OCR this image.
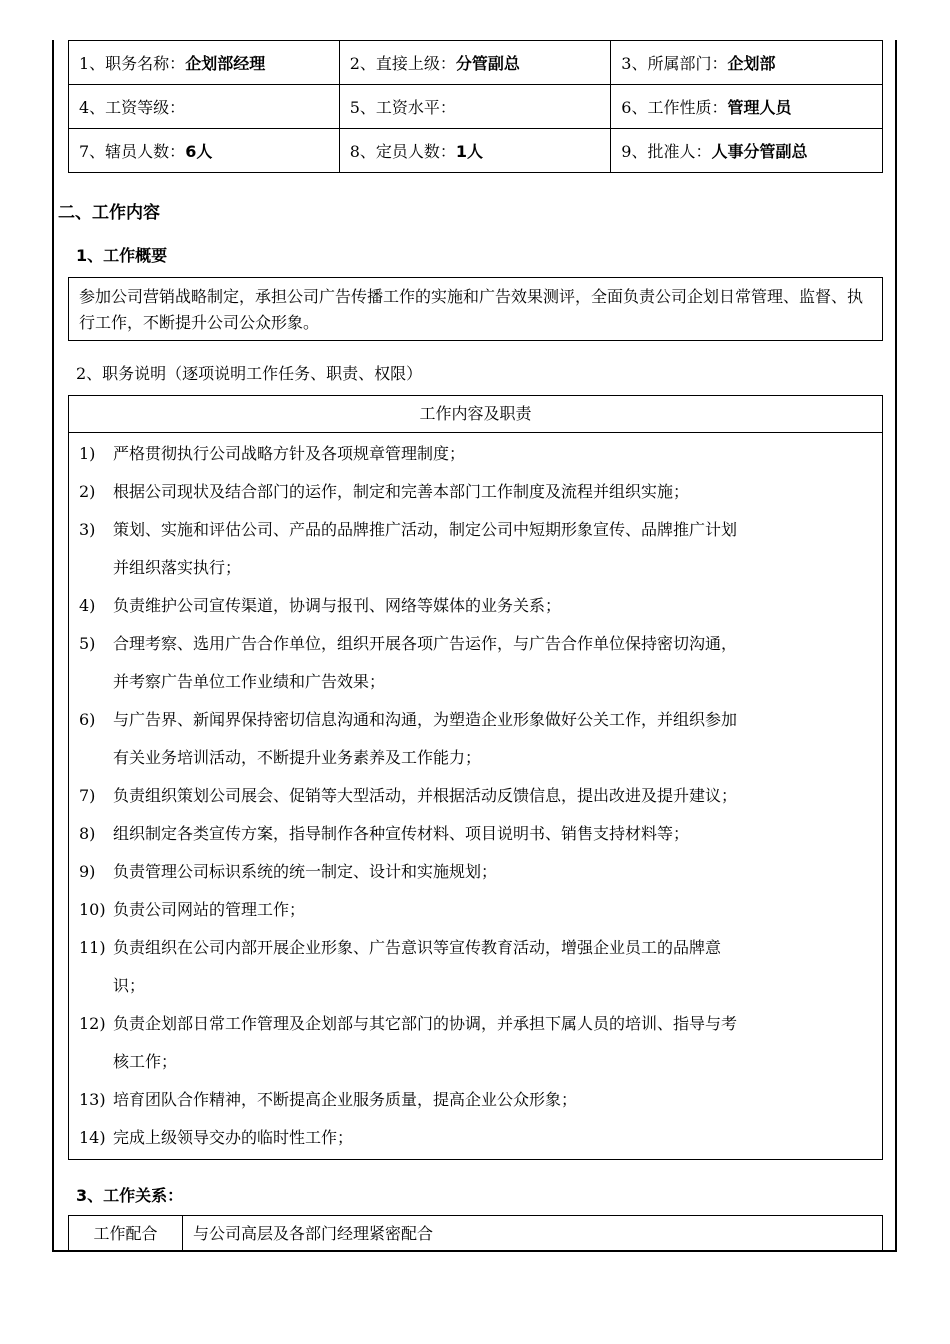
1、职务名称：企划部经理	2、直接上级：分管副总	3、所属部门：企划部
4、工资等级：	5、工资水平：	6、工作性质：管理人员
7、辖员人数：6人	8、定员人数：1人	9、批准人：人事分管副总
二、工作内容
1、工作概要
参加公司营销战略制定，承担公司广告传播工作的实施和广告效果测评，全面负责公司企划日常管理、监督、执行工作，不断提升公司公众形象。
2、职务说明（逐项说明工作任务、职责、权限）
工作内容及职责
1)	严格贯彻执行公司战略方针及各项规章管理制度；
2)	根据公司现状及结合部门的运作，制定和完善本部门工作制度及流程并组织实施；
3)	策划、实施和评估公司、产品的品牌推广活动，制定公司中短期形象宣传、品牌推广计划
并组织落实执行；
4)	负责维护公司宣传渠道，协调与报刊、网络等媒体的业务关系；
5)	合理考察、选用广告合作单位，组织开展各项广告运作，与广告合作单位保持密切沟通，
并考察广告单位工作业绩和广告效果；
6)	与广告界、新闻界保持密切信息沟通和沟通，为塑造企业形象做好公关工作，并组织参加
有关业务培训活动，不断提升业务素养及工作能力；
7)	负责组织策划公司展会、促销等大型活动，并根据活动反馈信息，提出改进及提升建议；
8)	组织制定各类宣传方案，指导制作各种宣传材料、项目说明书、销售支持材料等；
9)	负责管理公司标识系统的统一制定、设计和实施规划；
10) 负责公司网站的管理工作；
11) 负责组织在公司内部开展企业形象、广告意识等宣传教育活动，增强企业员工的品牌意
识；
12) 负责企划部日常工作管理及企划部与其它部门的协调，并承担下属人员的培训、指导与考
核工作；
13) 培育团队合作精神，不断提高企业服务质量，提高企业公众形象；
14) 完成上级领导交办的临时性工作；
3、工作关系：
工作配合	与公司高层及各部门经理紧密配合
